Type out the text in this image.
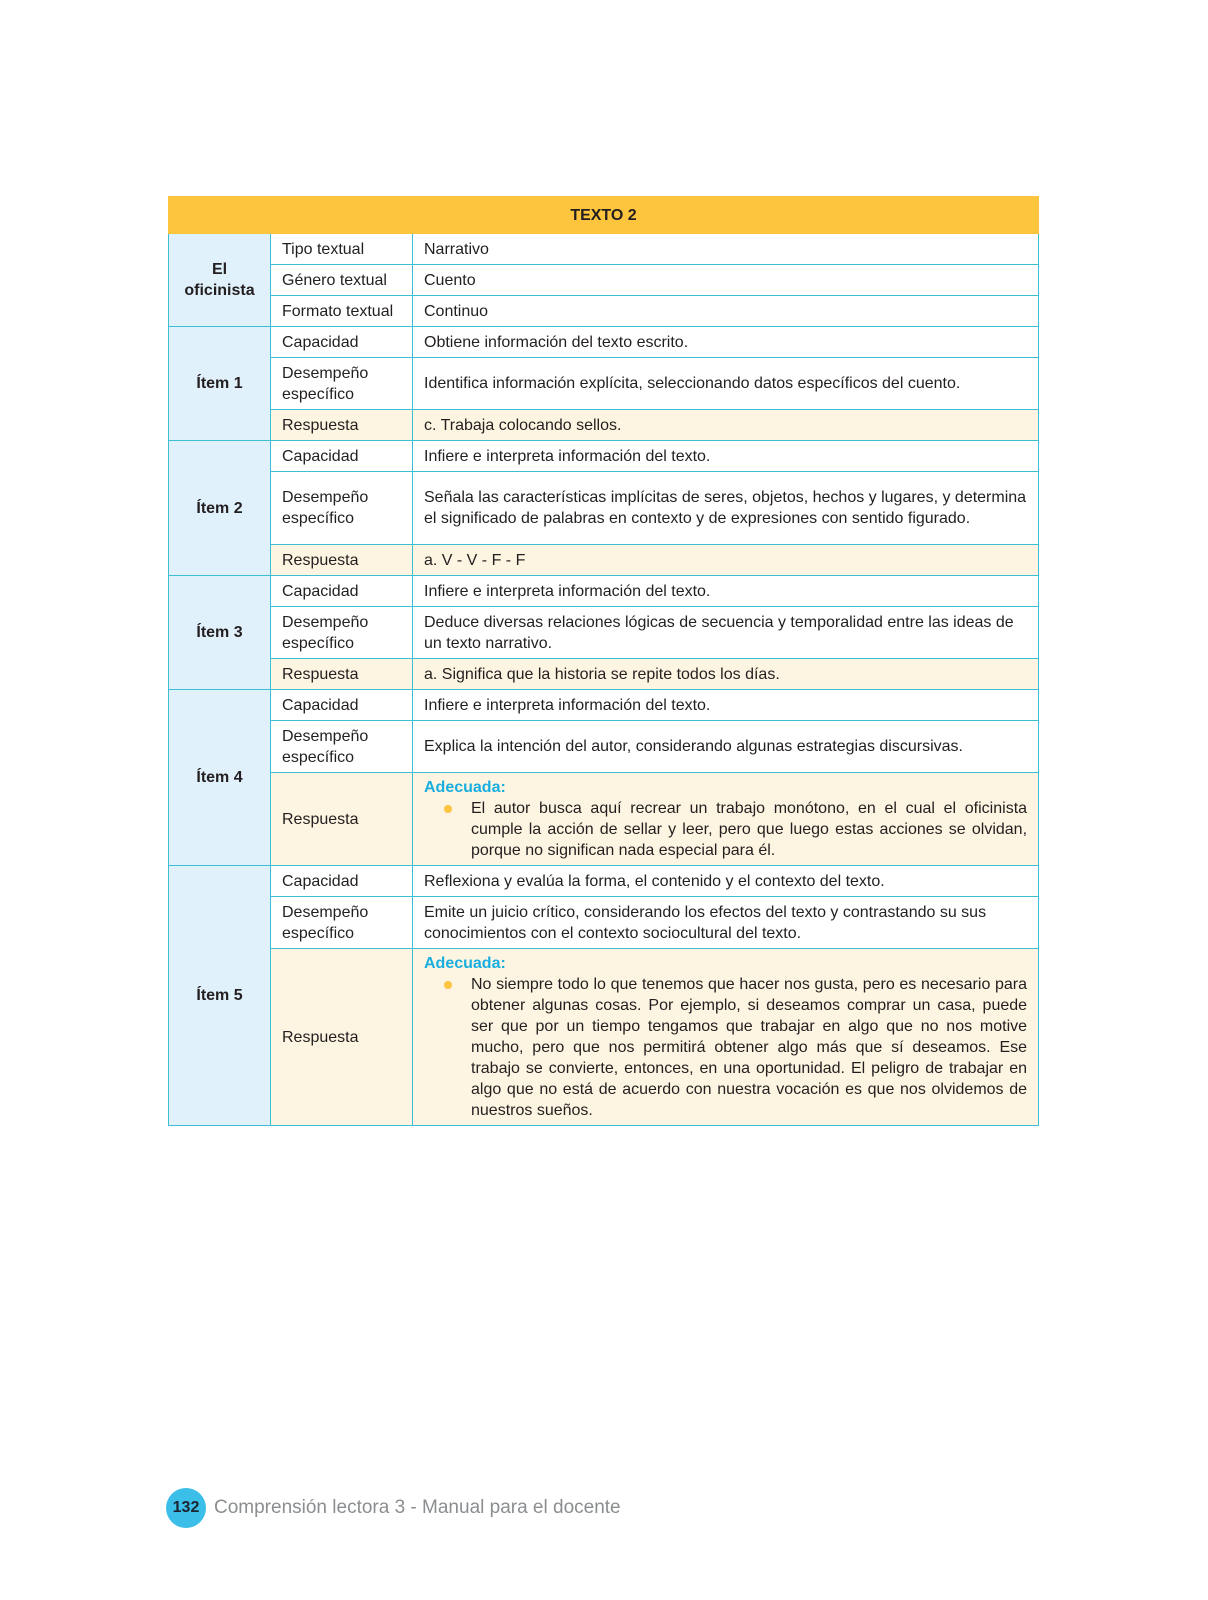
TEXTO 2		
El oficinista	Tipo textual	Narrativo
	Género textual	Cuento
	Formato textual	Continuo
Ítem 1	Capacidad	Obtiene información del texto escrito.
	Desempeño específico	Identifica información explícita, seleccionando datos específicos del cuento.
	Respuesta	c. Trabaja colocando sellos.
Ítem 2	Capacidad	Infiere e interpreta información del texto.
	Desempeño específico	Señala las características implícitas de seres, objetos, hechos y lugares, y determina el significado de palabras en contexto y de expresiones con sentido figurado.
	Respuesta	a. V - V - F - F
Ítem 3	Capacidad	Infiere e interpreta información del texto.
	Desempeño específico	Deduce diversas relaciones lógicas de secuencia y temporalidad entre las ideas de un texto narrativo.
	Respuesta	a. Significa que la historia se repite todos los días.
Ítem 4	Capacidad	Infiere e interpreta información del texto.
	Desempeño específico	Explica la intención del autor, considerando algunas estrategias discursivas.
	Respuesta	Adecuada:
El autor busca aquí recrear un trabajo monótono, en el cual el oficinista cumple la acción de sellar y leer, pero que luego estas acciones se olvidan, porque no significan nada especial para él.

Ítem 5	Capacidad	Reflexiona y evalúa la forma, el contenido y el contexto del texto.
	Desempeño específico	Emite un juicio crítico, considerando los efectos del texto y contrastando su sus conocimientos con el contexto sociocultural del texto.
	Respuesta	Adecuada:
No siempre todo lo que tenemos que hacer nos gusta, pero es necesario para obtener algunas cosas. Por ejemplo, si deseamos comprar un casa, puede ser que por un tiempo tengamos que trabajar en algo que no nos motive mucho, pero que nos permitirá obtener algo más que sí deseamos. Ese trabajo se convierte, entonces, en una oportunidad. El peligro de trabajar en algo que no está de acuerdo con nuestra vocación es que nos olvidemos de nuestros sueños.
132 Comprensión lectora 3 - Manual para el docente
